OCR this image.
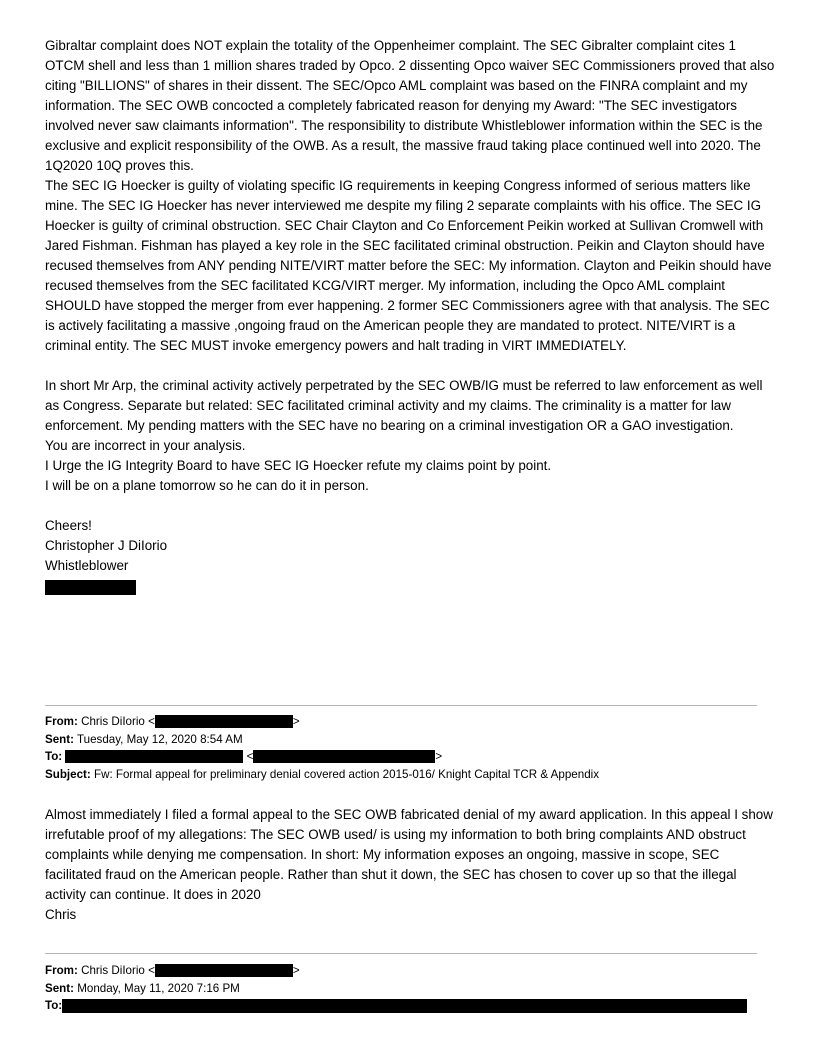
Gibraltar complaint does NOT explain the totality of the Oppenheimer complaint. The SEC Gibralter complaint cites 1 OTCM shell and less than 1 million shares traded by Opco. 2 dissenting Opco waiver SEC Commissioners proved that also citing "BILLIONS" of shares in their dissent. The SEC/Opco AML complaint was based on the FINRA complaint and my information. The SEC OWB concocted a completely fabricated reason for denying my Award: "The SEC investigators involved never saw claimants information". The responsibility to distribute Whistleblower information within the SEC is the exclusive and explicit responsibility of the OWB. As a result, the massive fraud taking place continued well into 2020. The 1Q2020 10Q proves this.

The SEC IG Hoecker is guilty of violating specific IG requirements in keeping Congress informed of serious matters like mine. The SEC IG Hoecker has never interviewed me despite my filing 2 separate complaints with his office. The SEC IG Hoecker is guilty of criminal obstruction. SEC Chair Clayton and Co Enforcement Peikin worked at Sullivan Cromwell with Jared Fishman. Fishman has played a key role in the SEC facilitated criminal obstruction. Peikin and Clayton should have recused themselves from ANY pending NITE/VIRT matter before the SEC: My information. Clayton and Peikin should have recused themselves from the SEC facilitated KCG/VIRT merger. My information, including the Opco AML complaint SHOULD have stopped the merger from ever happening. 2 former SEC Commissioners agree with that analysis. The SEC is actively facilitating a massive ,ongoing fraud on the American people they are mandated to protect. NITE/VIRT is a criminal entity. The SEC MUST invoke emergency powers and halt trading in VIRT IMMEDIATELY.

In short Mr Arp, the criminal activity actively perpetrated by the SEC OWB/IG must be referred to law enforcement as well as Congress. Separate but related: SEC facilitated criminal activity and my claims. The criminality is a matter for law enforcement. My pending matters with the SEC have no bearing on a criminal investigation OR a GAO investigation.

You are incorrect in your analysis.

I Urge the IG Integrity Board to have SEC IG Hoecker refute my claims point by point.

I will be on a plane tomorrow so he can do it in person.

Cheers!

Christopher J DiIorio

Whistleblower

From: Chris DiIorio <	>
Sent: Tuesday, May 12, 2020 8:54 AM
To:	<	>
Subject: Fw: Formal appeal for preliminary denial covered action 2015-016/ Knight Capital TCR & Appendix

Almost immediately I filed a formal appeal to the SEC OWB fabricated denial of my award application. In this appeal I show irrefutable proof of my allegations: The SEC OWB used/ is using my information to both bring complaints AND obstruct complaints while denying me compensation. In short: My information exposes an ongoing, massive in scope, SEC facilitated fraud on the American people. Rather than shut it down, the SEC has chosen to cover up so that the illegal activity can continue. It does in 2020

Chris

From: Chris DiIorio <	>
Sent: Monday, May 11, 2020 7:16 PM
To:
